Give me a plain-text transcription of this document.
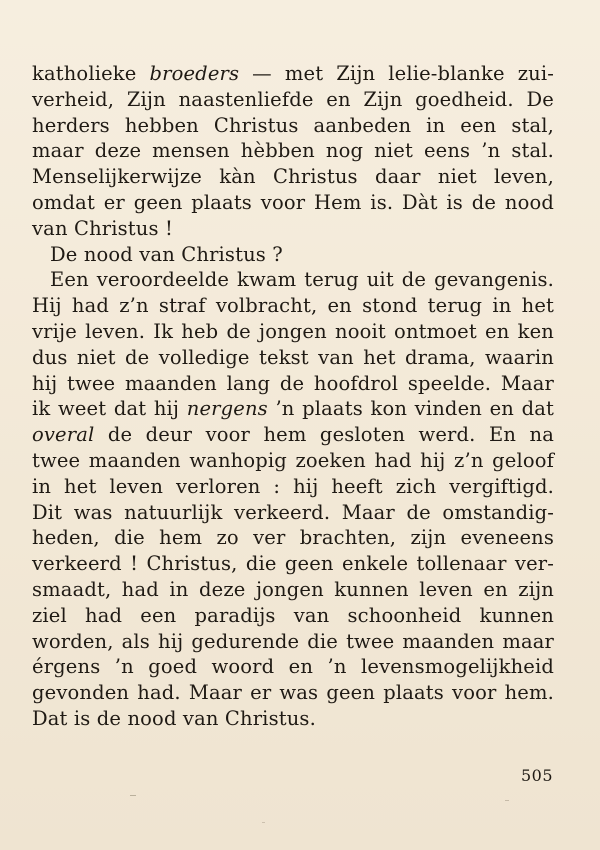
katholieke broeders — met Zijn lelie-blanke zui-
verheid, Zijn naastenliefde en Zijn goedheid. De
herders hebben Christus aanbeden in een stal,
maar deze mensen hèbben nog niet eens ’n stal.
Menselijkerwijze kàn Christus daar niet leven,
omdat er geen plaats voor Hem is. Dàt is de nood
van Christus !
De nood van Christus ?
Een veroordeelde kwam terug uit de gevangenis.
Hij had z’n straf volbracht, en stond terug in het
vrije leven. Ik heb de jongen nooit ontmoet en ken
dus niet de volledige tekst van het drama, waarin
hij twee maanden lang de hoofdrol speelde. Maar
ik weet dat hij nergens ’n plaats kon vinden en dat
overal de deur voor hem gesloten werd. En na
twee maanden wanhopig zoeken had hij z’n geloof
in het leven verloren : hij heeft zich vergiftigd.
Dit was natuurlijk verkeerd. Maar de omstandig-
heden, die hem zo ver brachten, zijn eveneens
verkeerd ! Christus, die geen enkele tollenaar ver-
smaadt, had in deze jongen kunnen leven en zijn
ziel had een paradijs van schoonheid kunnen
worden, als hij gedurende die twee maanden maar
érgens ’n goed woord en ’n levensmogelijkheid
gevonden had. Maar er was geen plaats voor hem.
Dat is de nood van Christus.
505
